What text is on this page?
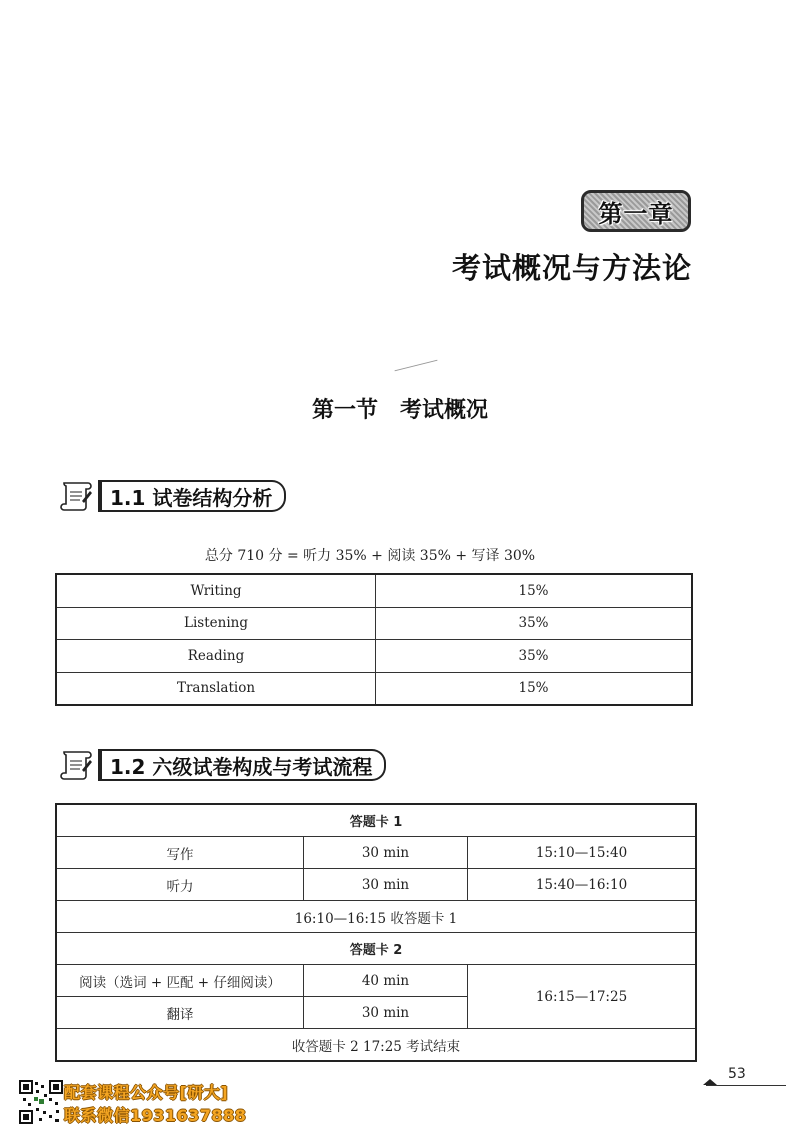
第一章
考试概况与方法论
第一节　考试概况
1.1 试卷结构分析
总分 710 分 = 听力 35% + 阅读 35% + 写译 30%
Writing	15%
Listening	35%
Reading	35%
Translation	15%
1.2 六级试卷构成与考试流程
答题卡 1		
写作	30 min	15:10—15:40
听力	30 min	15:40—16:10
16:10—16:15 收答题卡 1		
答题卡 2		
阅读（选词 + 匹配 + 仔细阅读）	40 min	16:15—17:25
翻译	30 min	
收答题卡 2 17:25 考试结束		
53
配套课程公众号[研大]
联系微信1931637888
